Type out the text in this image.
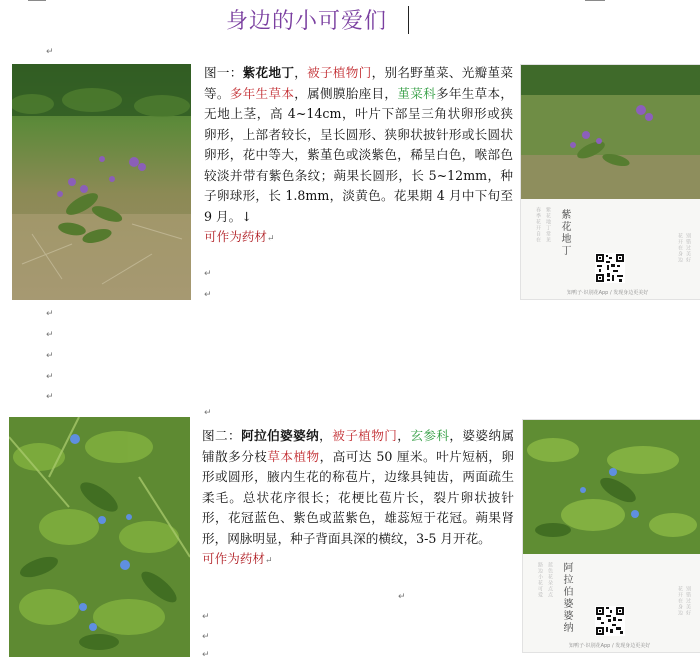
身边的小可爱们
↵
图一：紫花地丁，被子植物门，别名野堇菜、光瓣堇菜等。多年生草本，属侧膜胎座目，堇菜科多年生草本，无地上茎，高 4~14cm，叶片下部呈三角状卵形或狭卵形，上部者较长，呈长圆形、狭卵状披针形或长圆状卵形，花中等大，紫堇色或淡紫色，稀呈白色，喉部色较淡并带有紫色条纹；蒴果长圆形，长 5~12mm，种子卵球形，长 1.8mm，淡黄色。花果期 4 月中下旬至 9 月。↓
可作为药材↵
↵
↵
春季花开自在 紫花地丁常见 紫花地丁	花开在身边 别错过美好
知鸭子·识别花App / 发现身边更美好
↵
↵
↵
↵
↵
↵
图二：阿拉伯婆婆纳，被子植物门，玄参科，婆婆纳属铺散多分枝草本植物，高可达 50 厘米。叶片短柄，卵形或圆形，腋内生花的称苞片，边缘具钝齿，两面疏生柔毛。总状花序很长；花梗比苞片长，裂片卵状披针形，花冠蓝色、紫色或蓝紫色，雄蕊短于花冠。蒴果肾形，网脉明显，种子背面具深的横纹，3-5 月开花。
可作为药材↵
↵
↵
↵
↵
路边小花可爱 蓝色花朵点点 阿拉伯婆婆纳	花开在身边 别错过美好
知鸭子·识别花App / 发现身边更美好
